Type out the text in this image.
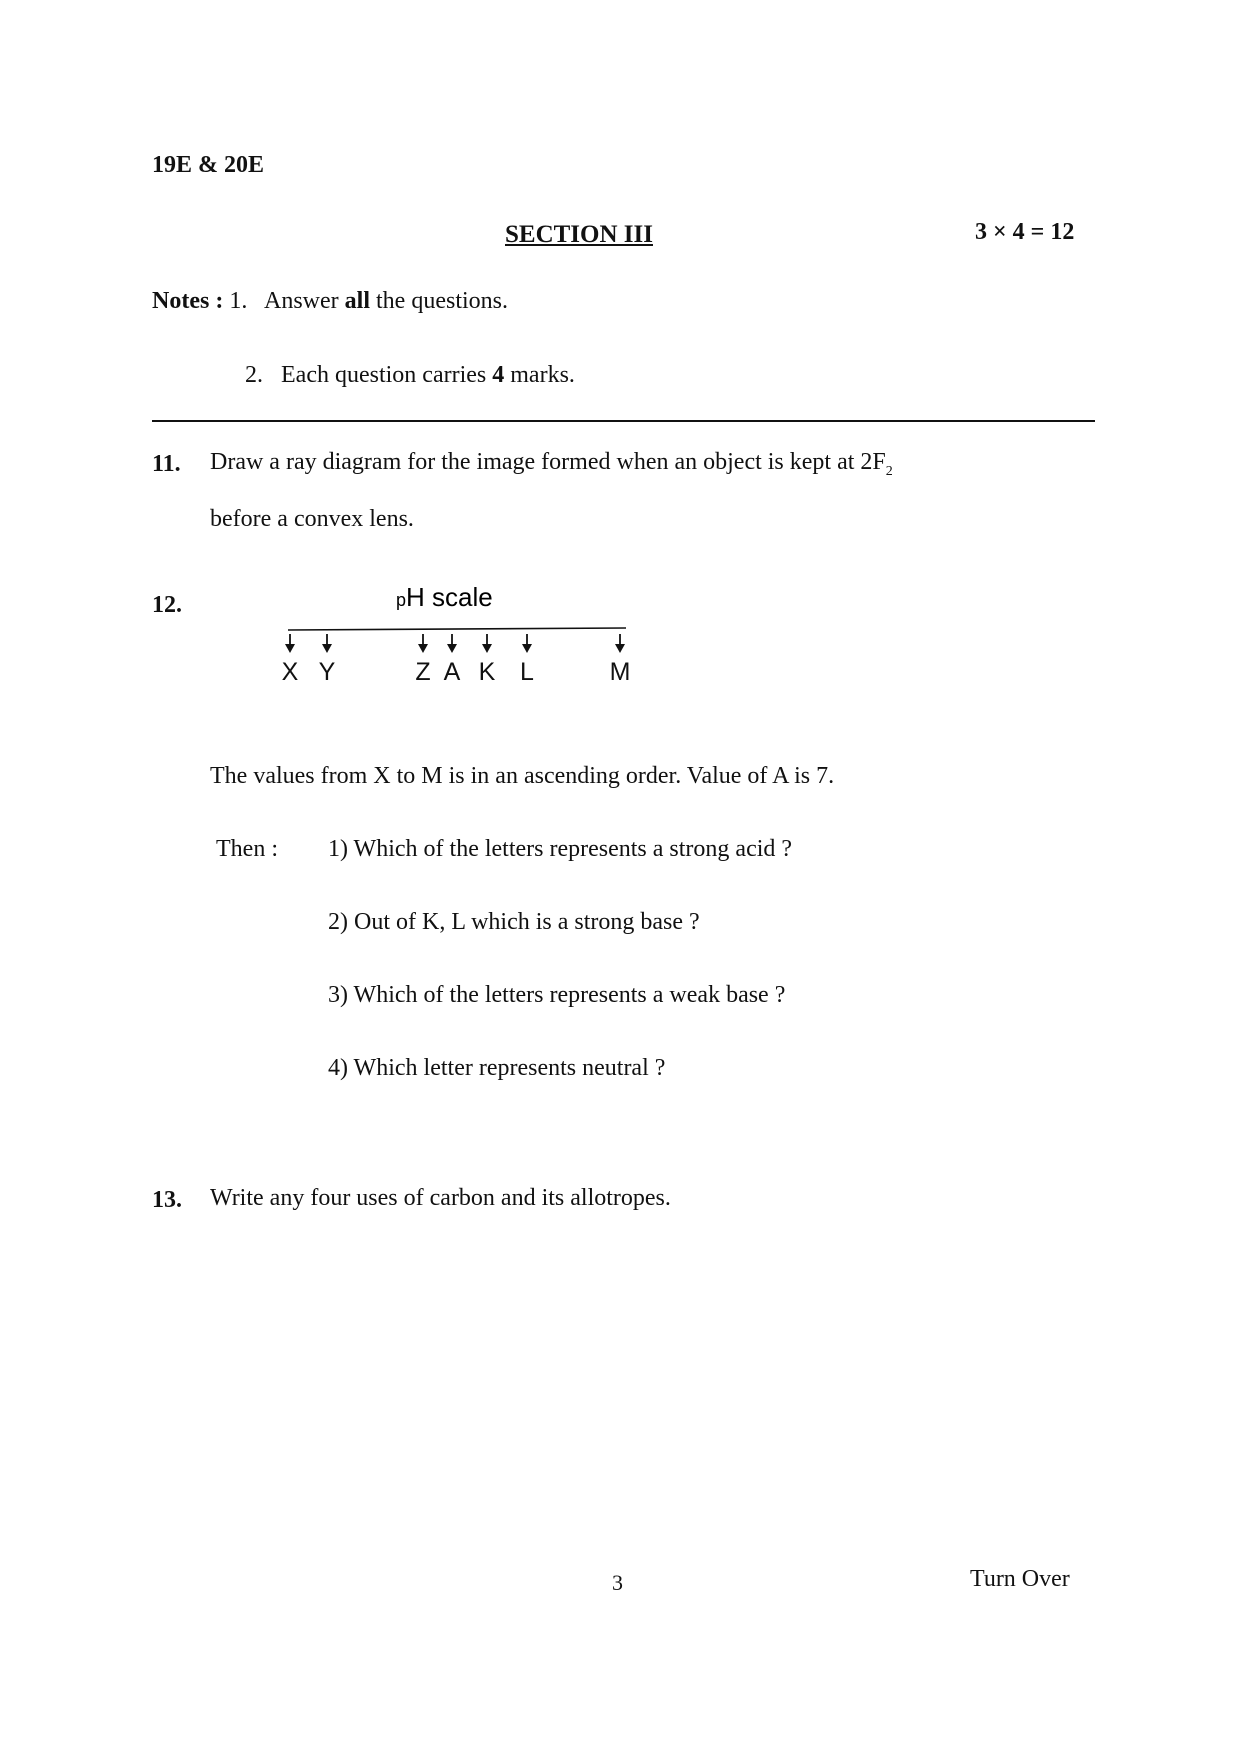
19E & 20E
SECTION III	3 × 4 = 12
Notes : 1. Answer all the questions.
2. Each question carries 4 marks.
11. Draw a ray diagram for the image formed when an object is kept at $2F_2$
before a convex lens.
12.	pH scale
X Y	Z A K L	M
The values from X to M is in an ascending order. Value of A is 7.
Then : 1) Which of the letters represents a strong acid ?
2) Out of K, L which is a strong base ?
3) Which of the letters represents a weak base ?
4) Which letter represents neutral ?
13. Write any four uses of carbon and its allotropes.
3	Turn Over
